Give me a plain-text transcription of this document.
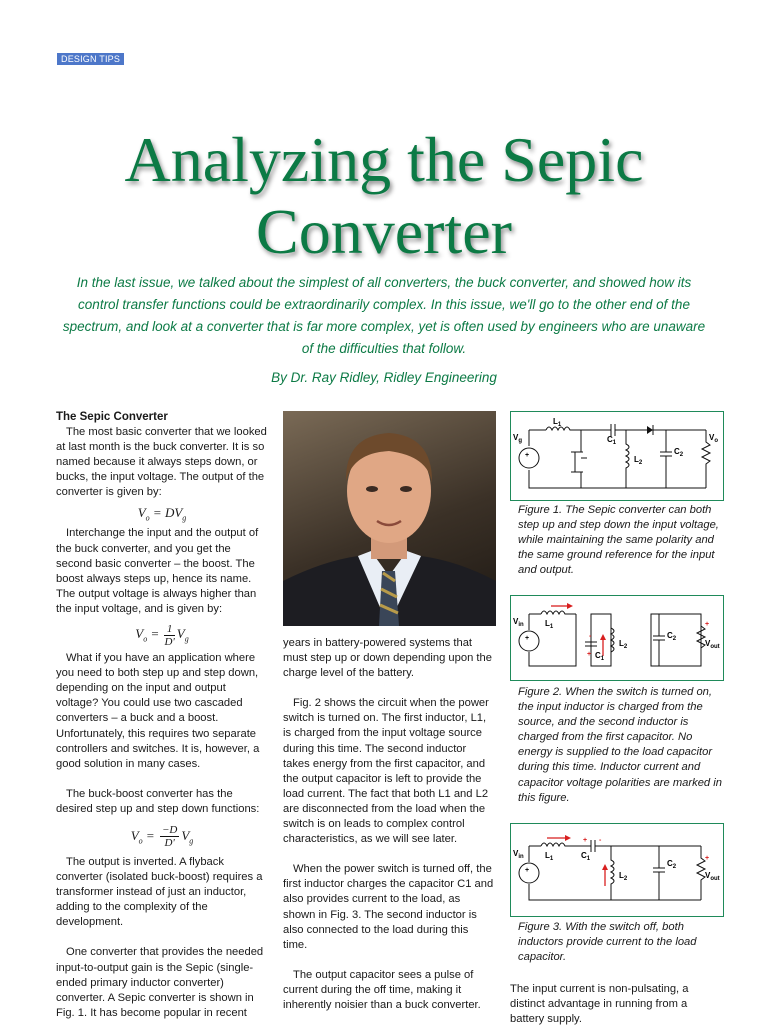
DESIGN TIPS
Analyzing the Sepic
Converter
In the last issue, we talked about the simplest of all converters, the buck converter, and showed how its control transfer functions could be extraordinarily complex. In this issue, we'll go to the other end of the spectrum, and look at a converter that is far more complex, yet is often used by engineers who are unaware of the difficulties that follow.
By Dr. Ray Ridley, Ridley Engineering
The Sepic Converter

The most basic converter that we looked at last month is the buck converter. It is so named because it always steps down, or bucks, the input voltage. The output of the converter is given by:

$V_o = DV_g$

Interchange the input and the output of the buck converter, and you get the second basic converter – the boost. The boost always steps up, hence its name. The output voltage is always higher than the input voltage, and is given by:

$V_o = \frac{1}{D'} V_g$

What if you have an application where you need to both step up and step down, depending on the input and output voltage? You could use two cascaded converters – a buck and a boost. Unfortunately, this requires two separate controllers and switches. It is, however, a good solution in many cases.

The buck-boost converter has the desired step up and step down functions:

$V_o = \frac{-D}{D'} V_g$

The output is inverted. A flyback converter (isolated buck-boost) requires a transformer instead of just an inductor, adding to the complexity of the development.

One converter that provides the needed input-to-output gain is the Sepic (single-ended primary inductor converter) converter. A Sepic converter is shown in Fig. 1. It has become popular in recent

years in battery-powered systems that must step up or down depending upon the charge level of the battery.

Fig. 2 shows the circuit when the power switch is turned on. The first inductor, L1, is charged from the input voltage source during this time. The second inductor takes energy from the first capacitor, and the output capacitor is left to provide the load current. The fact that both L1 and L2 are disconnected from the load when the switch is on leads to complex control characteristics, as we will see later.

When the power switch is turned off, the first inductor charges the capacitor C1 and also provides current to the load, as shown in Fig. 3. The second inductor is also connected to the load during this time.

The output capacitor sees a pulse of current during the off time, making it inherently noisier than a buck converter.

+
$V_g$
$L_1$
$C_1$
$L_2$
$C_2$
$V_o$
Figure 1. The Sepic converter can both step up and step down the input voltage, while maintaining the same polarity and the same ground reference for the input and output.
-
+
+
+
$V_{in}$	$L_1$
$C_1$
$L_2$
$C_2$	$V_{out}$
Figure 2. When the switch is turned on, the input inductor is charged from the source, and the second inductor is charged from the first capacitor. No energy is supplied to the load capacitor during this time. Inductor current and capacitor voltage polarities are marked in this figure.
+ -
+
+
$V_{in}$	$L_1$	$C_1$
$L_2$
$C_2$
$V_{out}$
Figure 3. With the switch off, both inductors provide current to the load capacitor.

The input current is non-pulsating, a distinct advantage in running from a battery supply.
